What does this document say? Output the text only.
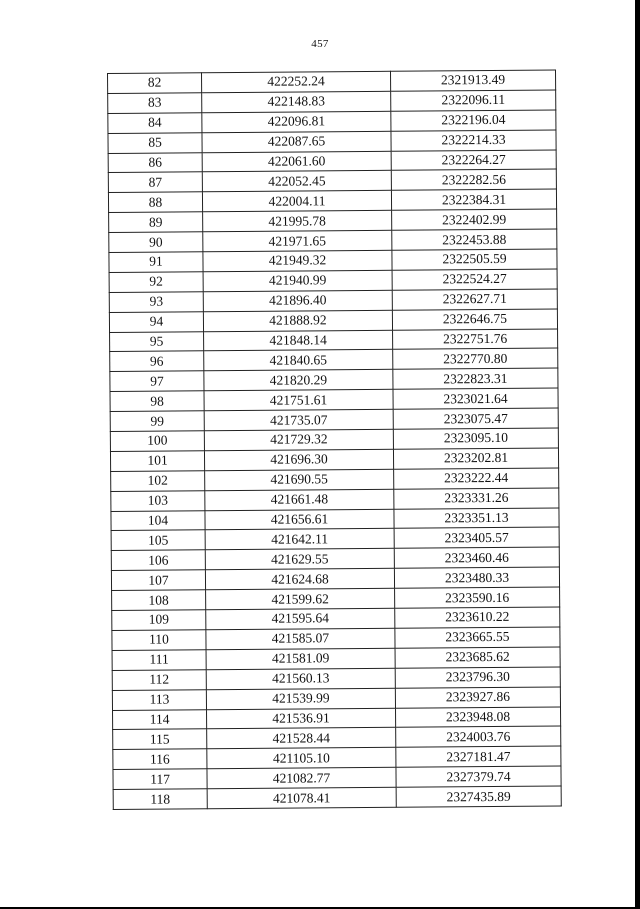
457
82	422252.24	2321913.49
83	422148.83	2322096.11
84	422096.81	2322196.04
85	422087.65	2322214.33
86	422061.60	2322264.27
87	422052.45	2322282.56
88	422004.11	2322384.31
89	421995.78	2322402.99
90	421971.65	2322453.88
91	421949.32	2322505.59
92	421940.99	2322524.27
93	421896.40	2322627.71
94	421888.92	2322646.75
95	421848.14	2322751.76
96	421840.65	2322770.80
97	421820.29	2322823.31
98	421751.61	2323021.64
99	421735.07	2323075.47
100	421729.32	2323095.10
101	421696.30	2323202.81
102	421690.55	2323222.44
103	421661.48	2323331.26
104	421656.61	2323351.13
105	421642.11	2323405.57
106	421629.55	2323460.46
107	421624.68	2323480.33
108	421599.62	2323590.16
109	421595.64	2323610.22
110	421585.07	2323665.55
111	421581.09	2323685.62
112	421560.13	2323796.30
113	421539.99	2323927.86
114	421536.91	2323948.08
115	421528.44	2324003.76
116	421105.10	2327181.47
117	421082.77	2327379.74
118	421078.41	2327435.89
